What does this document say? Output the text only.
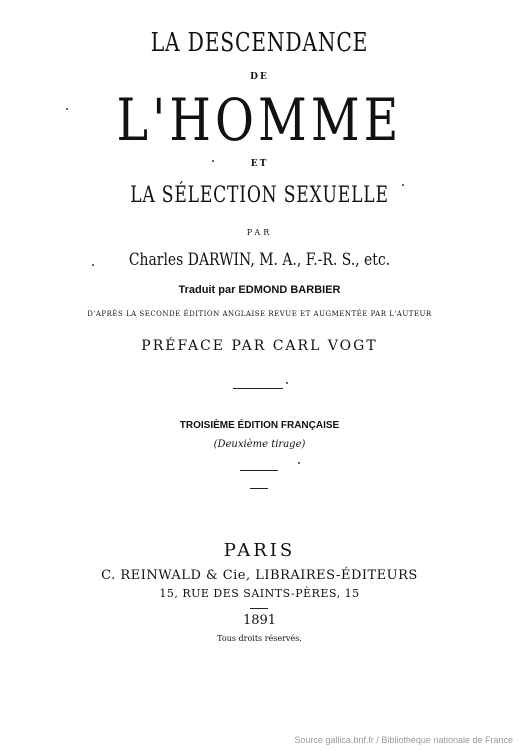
LA DESCENDANCE
DE
L'HOMME
ET
LA SÉLECTION SEXUELLE
PAR
Charles DARWIN, M. A., F.-R. S., etc.
Traduit par EDMOND BARBIER
D'APRÈS LA SECONDE ÉDITION ANGLAISE REVUE ET AUGMENTÉE PAR L'AUTEUR
PRÉFACE PAR CARL VOGT
TROISIÈME ÉDITION FRANÇAISE
(Deuxième tirage)
PARIS
C. REINWALD & Cie, LIBRAIRES-ÉDITEURS
15, RUE DES SAINTS-PÈRES, 15
1891
Tous droits réservés.
Source gallica.bnf.fr / Bibliothèque nationale de France
